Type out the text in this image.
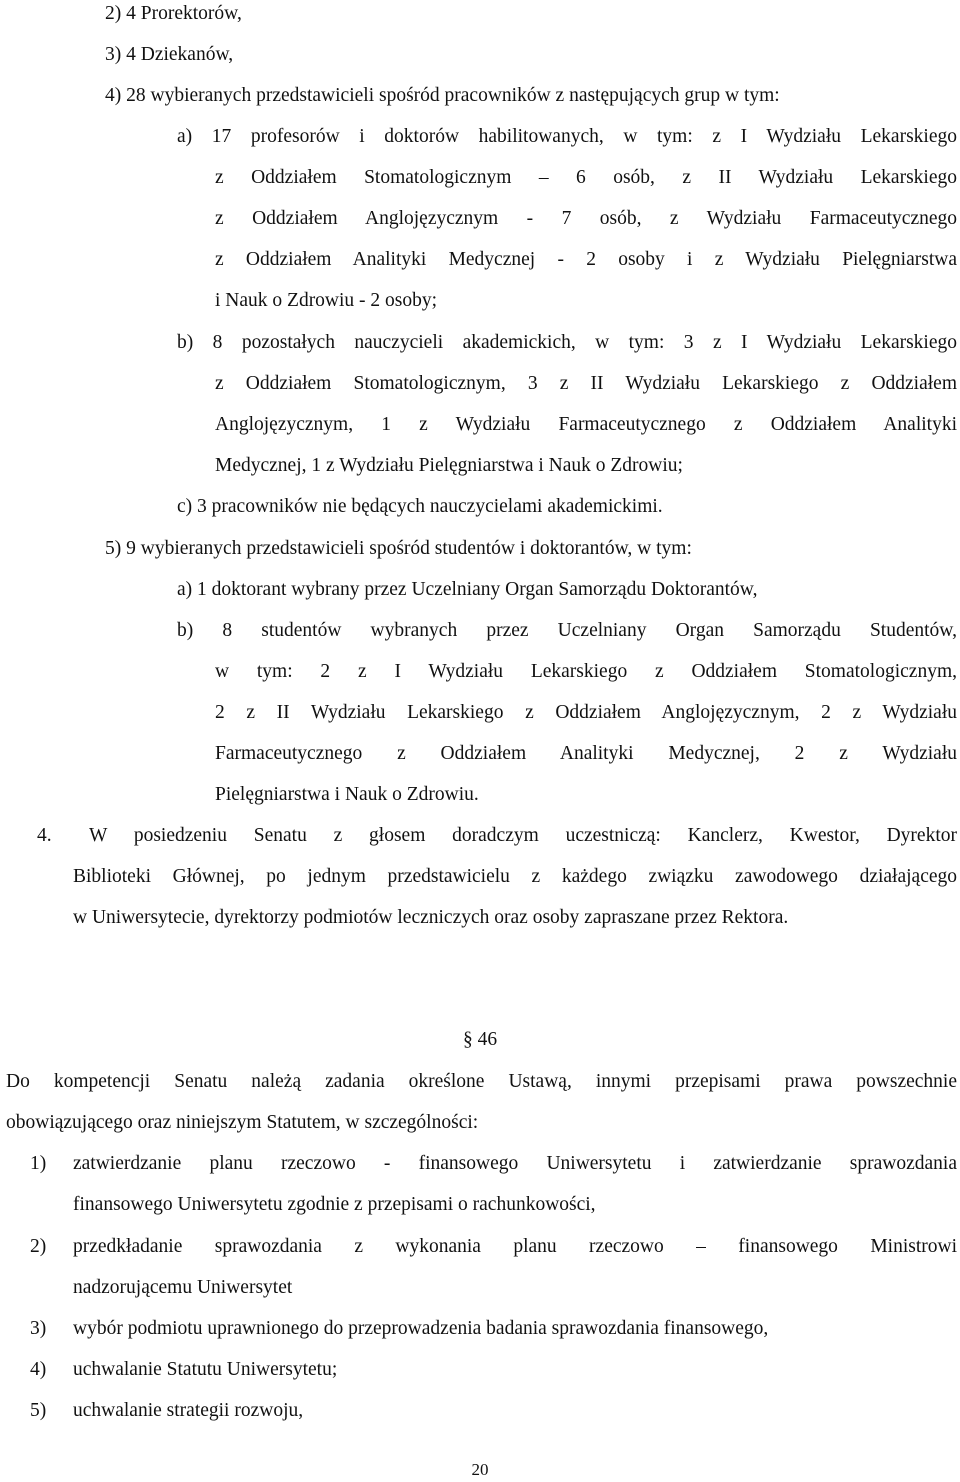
2) 4 Prorektorów,
3) 4 Dziekanów,
4) 28 wybieranych przedstawicieli spośród pracowników z następujących grup w tym:
a) 17 profesorów i doktorów habilitowanych, w tym: z I Wydziału Lekarskiego
z Oddziałem Stomatologicznym – 6 osób, z II Wydziału Lekarskiego
z Oddziałem Anglojęzycznym - 7 osób, z Wydziału Farmaceutycznego
z Oddziałem Analityki Medycznej - 2 osoby i z Wydziału Pielęgniarstwa
i Nauk o Zdrowiu - 2 osoby;
b) 8 pozostałych nauczycieli akademickich, w tym: 3 z I Wydziału Lekarskiego
z Oddziałem Stomatologicznym, 3 z II Wydziału Lekarskiego z Oddziałem
Anglojęzycznym, 1 z Wydziału Farmaceutycznego z Oddziałem Analityki
Medycznej, 1 z Wydziału Pielęgniarstwa i Nauk o Zdrowiu;
c) 3 pracowników nie będących nauczycielami akademickimi.
5) 9 wybieranych przedstawicieli spośród studentów i doktorantów, w tym:
a) 1 doktorant wybrany przez Uczelniany Organ Samorządu Doktorantów,
b) 8 studentów wybranych przez Uczelniany Organ Samorządu Studentów,
w tym: 2 z I Wydziału Lekarskiego z Oddziałem Stomatologicznym,
2 z II Wydziału Lekarskiego z Oddziałem Anglojęzycznym, 2 z Wydziału
Farmaceutycznego z Oddziałem Analityki Medycznej, 2 z Wydziału
Pielęgniarstwa i Nauk o Zdrowiu.
4. W posiedzeniu Senatu z głosem doradczym uczestniczą: Kanclerz, Kwestor, Dyrektor
Biblioteki Głównej, po jednym przedstawicielu z każdego związku zawodowego działającego
w Uniwersytecie, dyrektorzy podmiotów leczniczych oraz osoby zapraszane przez Rektora.
§ 46
Do kompetencji Senatu należą zadania określone Ustawą, innymi przepisami prawa powszechnie
obowiązującego oraz niniejszym Statutem, w szczególności:
1) zatwierdzanie planu rzeczowo - finansowego Uniwersytetu i zatwierdzanie sprawozdania
finansowego Uniwersytetu zgodnie z przepisami o rachunkowości,
2) przedkładanie sprawozdania z wykonania planu rzeczowo – finansowego Ministrowi
nadzorującemu Uniwersytet
3) wybór podmiotu uprawnionego do przeprowadzenia badania sprawozdania finansowego,
4) uchwalanie Statutu Uniwersytetu;
5) uchwalanie strategii rozwoju,
20
